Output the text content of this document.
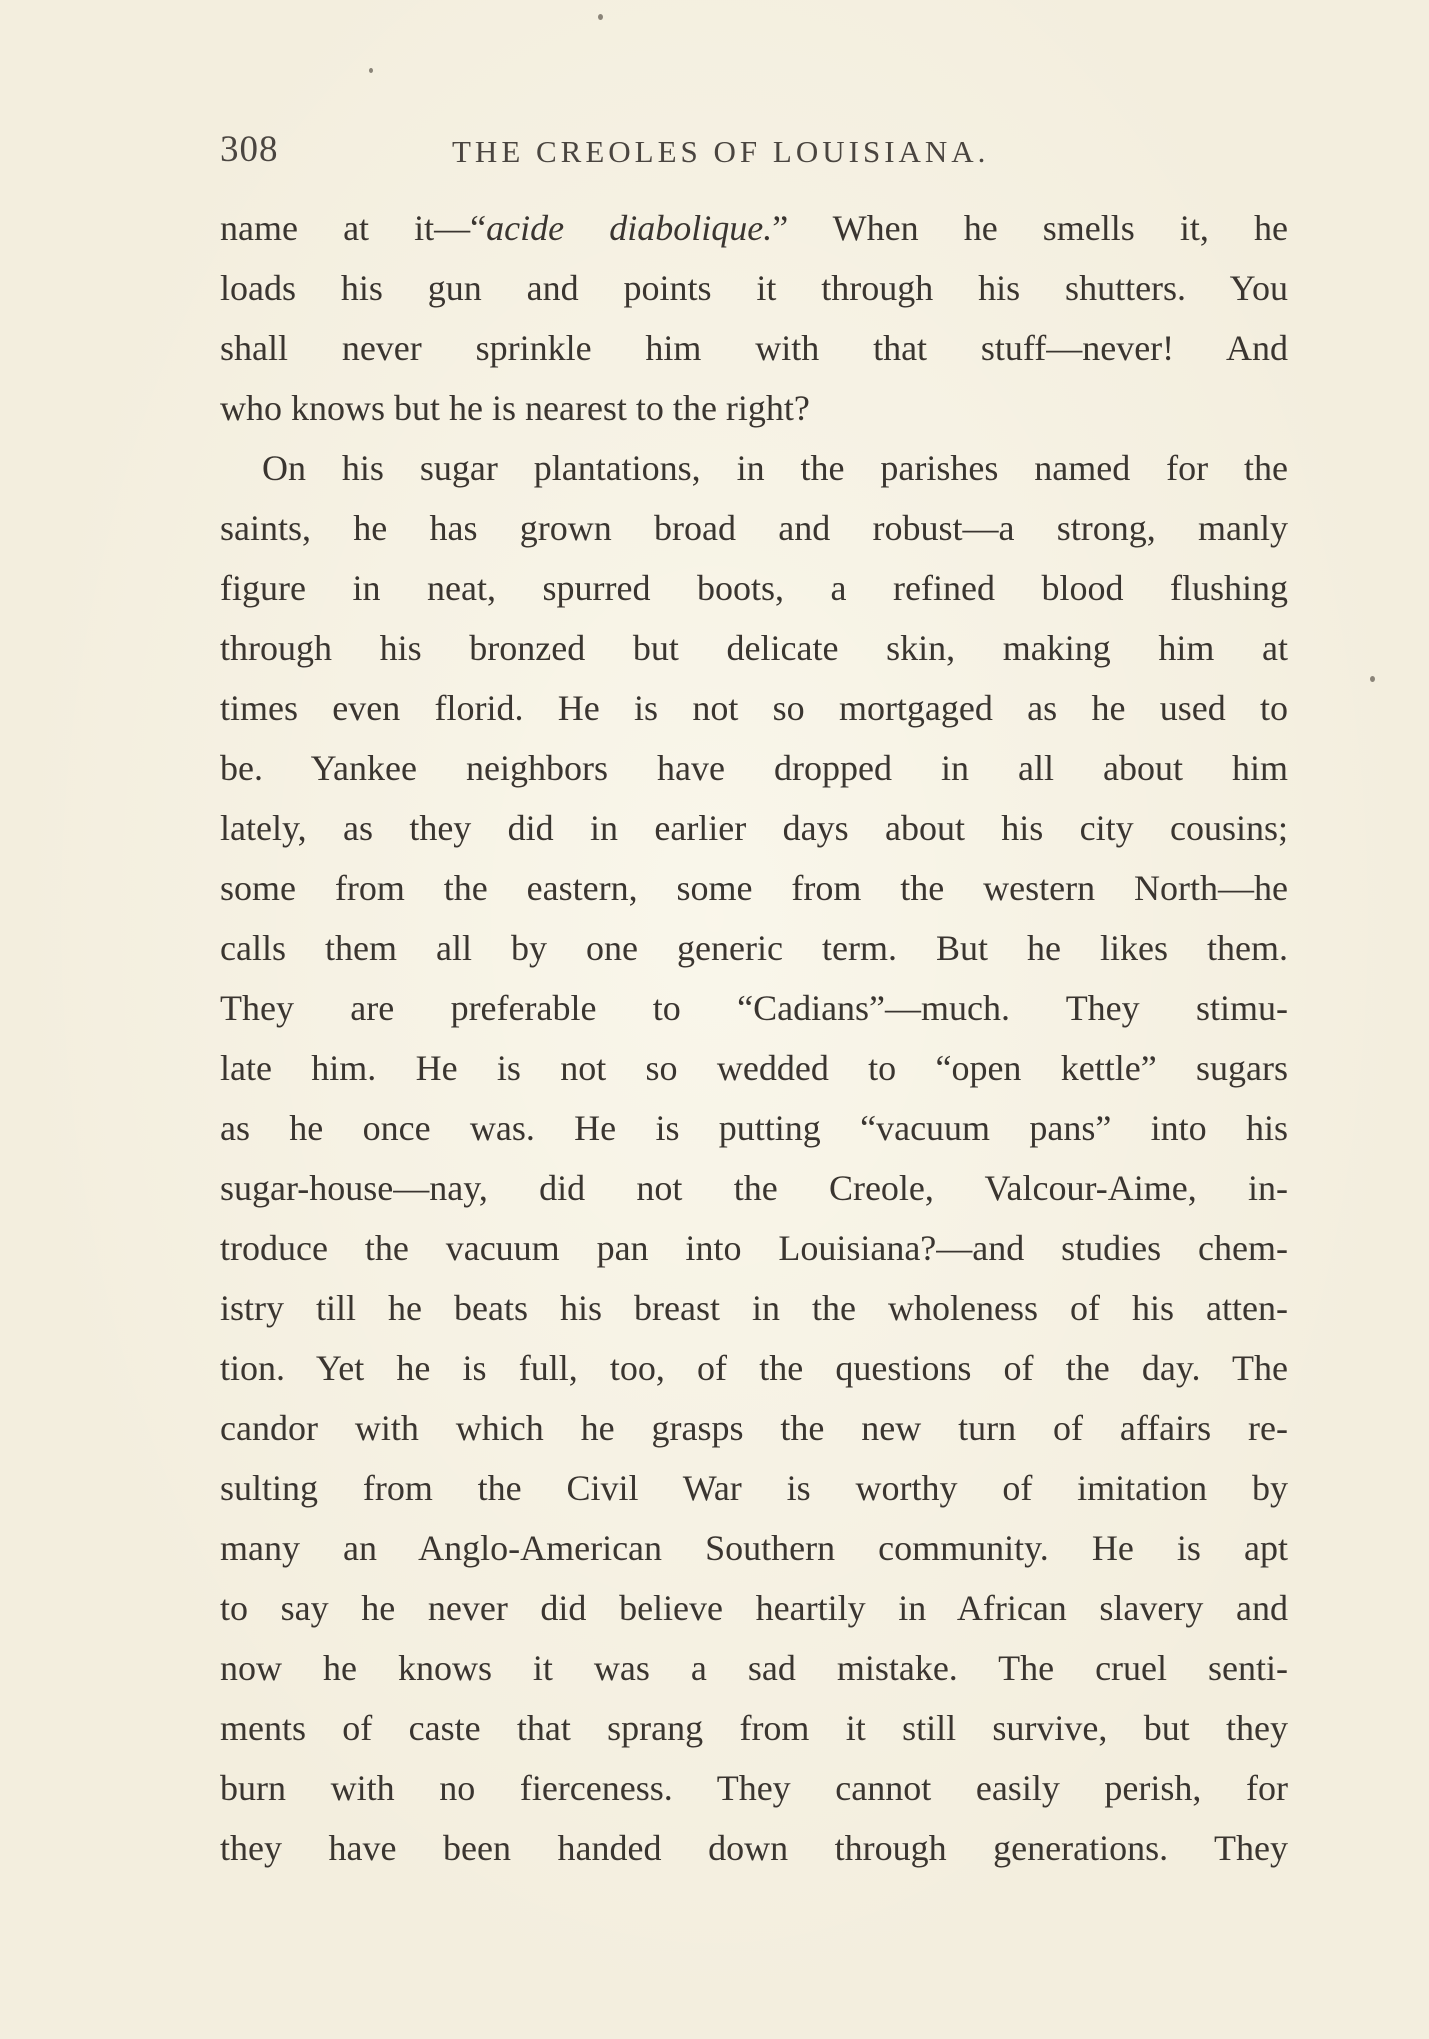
308	THE CREOLES OF LOUISIANA.
name at it—“acide diabolique.” When he smells it, he
loads his gun and points it through his shutters. You
shall never sprinkle him with that stuff—never! And
who knows but he is nearest to the right?
On his sugar plantations, in the parishes named for the
saints, he has grown broad and robust—a strong, manly
figure in neat, spurred boots, a refined blood flushing
through his bronzed but delicate skin, making him at
times even florid. He is not so mortgaged as he used to
be. Yankee neighbors have dropped in all about him
lately, as they did in earlier days about his city cousins;
some from the eastern, some from the western North—he
calls them all by one generic term. But he likes them.
They are preferable to “Cadians”—much. They stimu-
late him. He is not so wedded to “open kettle” sugars
as he once was. He is putting “vacuum pans” into his
sugar-house—nay, did not the Creole, Valcour-Aime, in-
troduce the vacuum pan into Louisiana?—and studies chem-
istry till he beats his breast in the wholeness of his atten-
tion. Yet he is full, too, of the questions of the day. The
candor with which he grasps the new turn of affairs re-
sulting from the Civil War is worthy of imitation by
many an Anglo-American Southern community. He is apt
to say he never did believe heartily in African slavery and
now he knows it was a sad mistake. The cruel senti-
ments of caste that sprang from it still survive, but they
burn with no fierceness. They cannot easily perish, for
they have been handed down through generations. They
